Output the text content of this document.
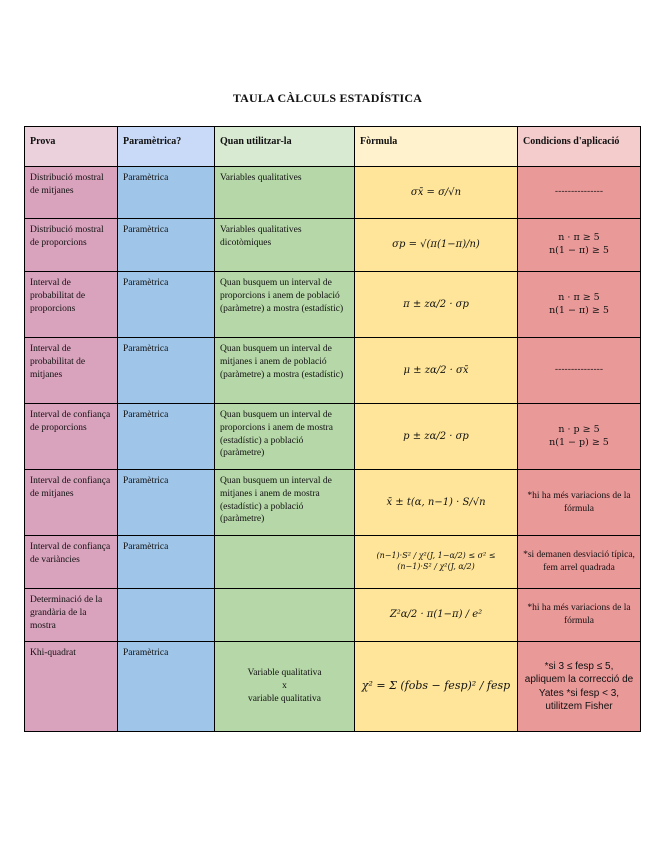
TAULA CÀLCULS ESTADÍSTICA
Prova	Paramètrica?	Quan utilitzar-la	Fòrmula	Condicions d'aplicació
Distribució mostral de mitjanes	Paramètrica	Variables qualitatives	σx̄ = σ/√n	---------------
Distribució mostral de proporcions	Paramètrica	Variables qualitatives dicotòmiques	σp = √(π(1−π)/n)	n · π ≥ 5
n(1 − π) ≥ 5
Interval de probabilitat de proporcions	Paramètrica	Quan busquem un interval de proporcions i anem de població (paràmetre) a mostra (estadístic)	π ± zα/2 · σp	n · π ≥ 5
n(1 − π) ≥ 5
Interval de probabilitat de mitjanes	Paramètrica	Quan busquem un interval de mitjanes i anem de població (paràmetre) a mostra (estadístic)	μ ± zα/2 · σx̄	---------------
Interval de confiança de proporcions	Paramètrica	Quan busquem un interval de proporcions i anem de mostra (estadístic) a població (paràmetre)	p ± zα/2 · σp	n · p ≥ 5
n(1 − p) ≥ 5
Interval de confiança de mitjanes	Paramètrica	Quan busquem un interval de mitjanes i anem de mostra (estadístic) a població (paràmetre)	x̄ ± t(α, n−1) · S/√n	*hi ha més variacions de la fórmula
Interval de confiança de variàncies	Paramètrica		(n−1)·S² / χ²(J, 1−α/2) ≤ σ² ≤ (n−1)·S² / χ²(J, α/2)	*si demanen desviació típica, fem arrel quadrada
Determinació de la grandària de la mostra			Z²α/2 · π(1−π) / e²	*hi ha més variacions de la fórmula
Khi-quadrat	Paramètrica	Variable qualitativa
x
variable qualitativa	χ² = Σ (fobs − fesp)² / fesp	*si 3 ≤ fesp ≤ 5, apliquem la correcció de Yates *si fesp < 3, utilitzem Fisher
